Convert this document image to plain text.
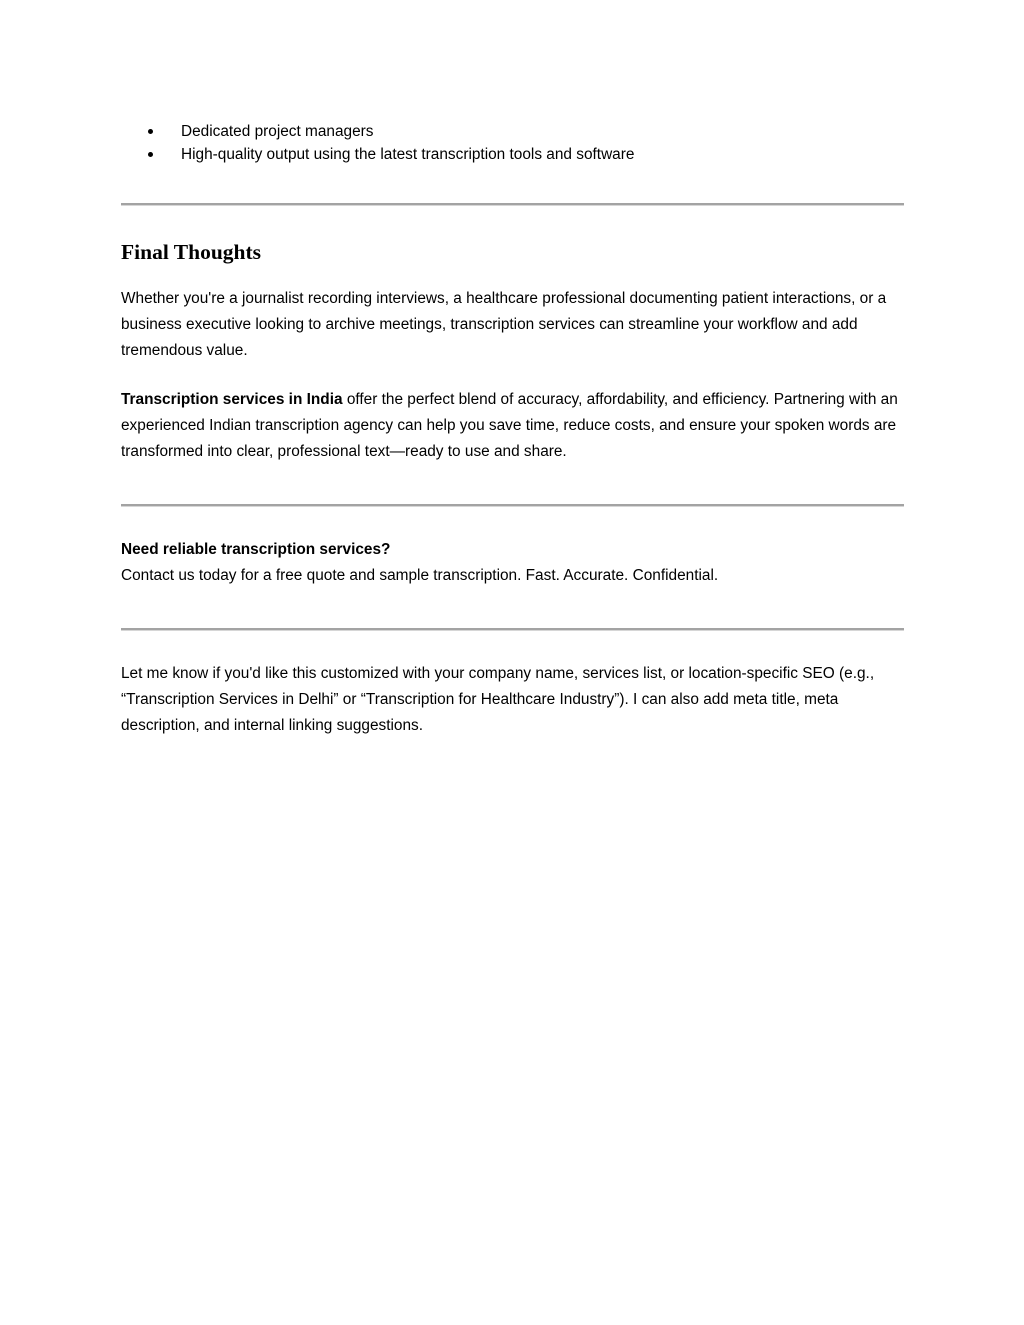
Dedicated project managers
High-quality output using the latest transcription tools and software
Final Thoughts

Whether you're a journalist recording interviews, a healthcare professional documenting patient interactions, or a business executive looking to archive meetings, transcription services can streamline your workflow and add tremendous value.

Transcription services in India offer the perfect blend of accuracy, affordability, and efficiency. Partnering with an experienced Indian transcription agency can help you save time, reduce costs, and ensure your spoken words are transformed into clear, professional text—ready to use and share.

Need reliable transcription services?
Contact us today for a free quote and sample transcription. Fast. Accurate. Confidential.

Let me know if you'd like this customized with your company name, services list, or location-specific SEO (e.g., “Transcription Services in Delhi” or “Transcription for Healthcare Industry”). I can also add meta title, meta description, and internal linking suggestions.
